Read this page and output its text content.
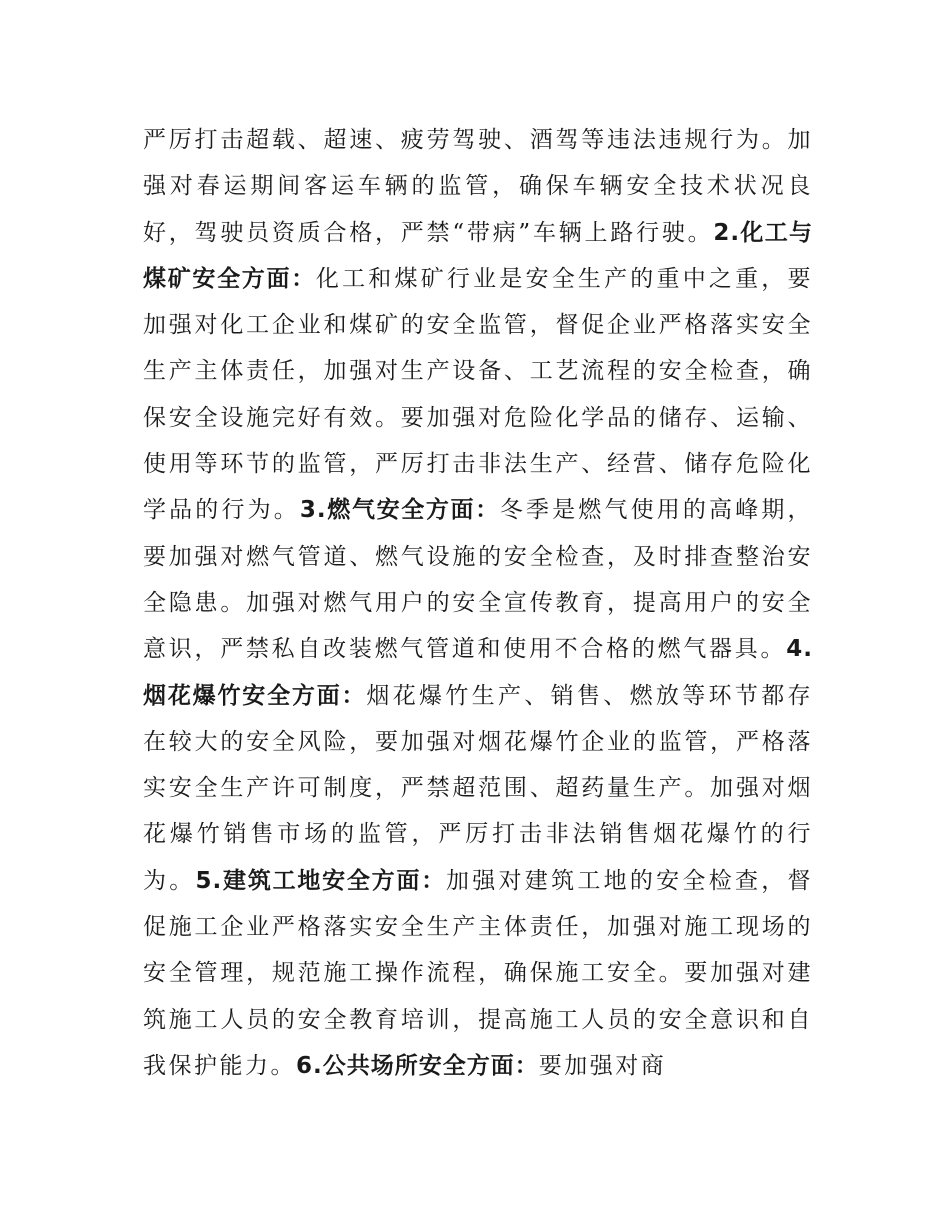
严厉打击超载、超速、疲劳驾驶、酒驾等违法违规行为。加强对春运期间客运车辆的监管，确保车辆安全技术状况良好，驾驶员资质合格，严禁“带病”车辆上路行驶。2.化工与煤矿安全方面：化工和煤矿行业是安全生产的重中之重，要加强对化工企业和煤矿的安全监管，督促企业严格落实安全生产主体责任，加强对生产设备、工艺流程的安全检查，确保安全设施完好有效。要加强对危险化学品的储存、运输、使用等环节的监管，严厉打击非法生产、经营、储存危险化学品的行为。3.燃气安全方面：冬季是燃气使用的高峰期，要加强对燃气管道、燃气设施的安全检查，及时排查整治安全隐患。加强对燃气用户的安全宣传教育，提高用户的安全意识，严禁私自改装燃气管道和使用不合格的燃气器具。4.烟花爆竹安全方面：烟花爆竹生产、销售、燃放等环节都存在较大的安全风险，要加强对烟花爆竹企业的监管，严格落实安全生产许可制度，严禁超范围、超药量生产。加强对烟花爆竹销售市场的监管，严厉打击非法销售烟花爆竹的行为。5.建筑工地安全方面：加强对建筑工地的安全检查，督促施工企业严格落实安全生产主体责任，加强对施工现场的安全管理，规范施工操作流程，确保施工安全。要加强对建筑施工人员的安全教育培训，提高施工人员的安全意识和自我保护能力。6.公共场所安全方面：要加强对商
